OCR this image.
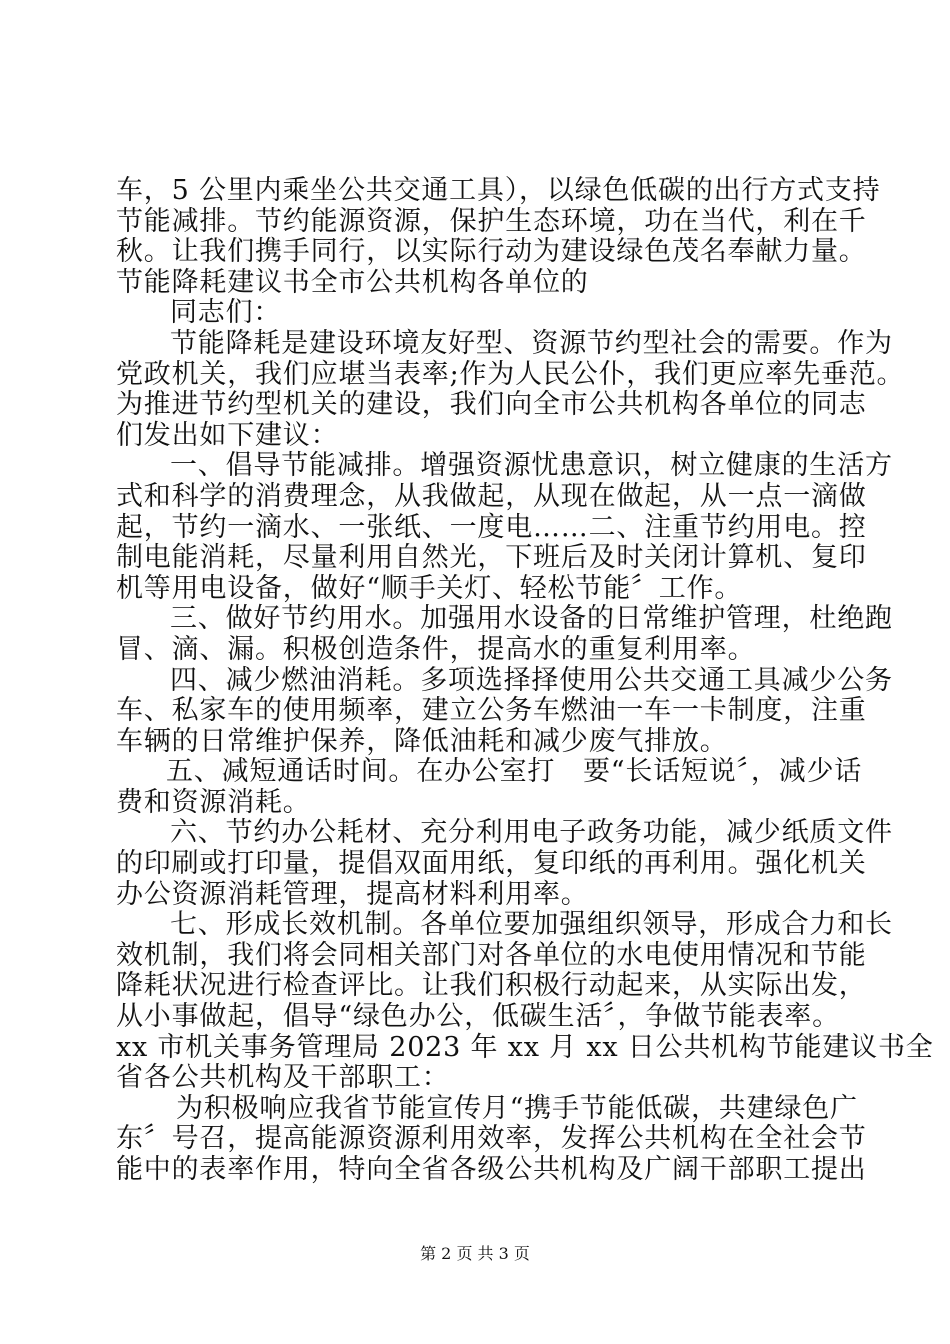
车，5 公里内乘坐公共交通工具），以绿色低碳的出行方式支持
节能减排。节约能源资源，保护生态环境，功在当代，利在千
秋。让我们携手同行，以实际行动为建设绿色茂名奉献力量。
节能降耗建议书全市公共机构各单位的
同志们：
节能降耗是建设环境友好型、资源节约型社会的需要。作为
党政机关，我们应堪当表率;作为人民公仆，我们更应率先垂范。
为推进节约型机关的建设，我们向全市公共机构各单位的同志
们发出如下建议：
一、倡导节能减排。增强资源忧患意识，树立健康的生活方
式和科学的消费理念，从我做起，从现在做起，从一点一滴做
起，节约一滴水、一张纸、一度电……二、注重节约用电。控
制电能消耗，尽量利用自然光，下班后及时关闭计算机、复印
机等用电设备，做好“顺手关灯、轻松节能〞工作。
三、做好节约用水。加强用水设备的日常维护管理，杜绝跑
冒、滴、漏。积极创造条件，提高水的重复利用率。
四、减少燃油消耗。多项选择择使用公共交通工具减少公务
车、私家车的使用频率，建立公务车燃油一车一卡制度，注重
车辆的日常维护保养，降低油耗和减少废气排放。
五、减短通话时间。在办公室打　要“长话短说〞，减少话
费和资源消耗。
六、节约办公耗材、充分利用电子政务功能，减少纸质文件
的印刷或打印量，提倡双面用纸，复印纸的再利用。强化机关
办公资源消耗管理，提高材料利用率。
七、形成长效机制。各单位要加强组织领导，形成合力和长
效机制，我们将会同相关部门对各单位的水电使用情况和节能
降耗状况进行检查评比。让我们积极行动起来，从实际出发，
从小事做起，倡导“绿色办公，低碳生活〞，争做节能表率。
xx 市机关事务管理局 2023 年 xx 月 xx 日公共机构节能建议书全
省各公共机构及干部职工：
为积极响应我省节能宣传月“携手节能低碳，共建绿色广
东〞号召，提高能源资源利用效率，发挥公共机构在全社会节
能中的表率作用，特向全省各级公共机构及广阔干部职工提出
第 2 页 共 3 页
